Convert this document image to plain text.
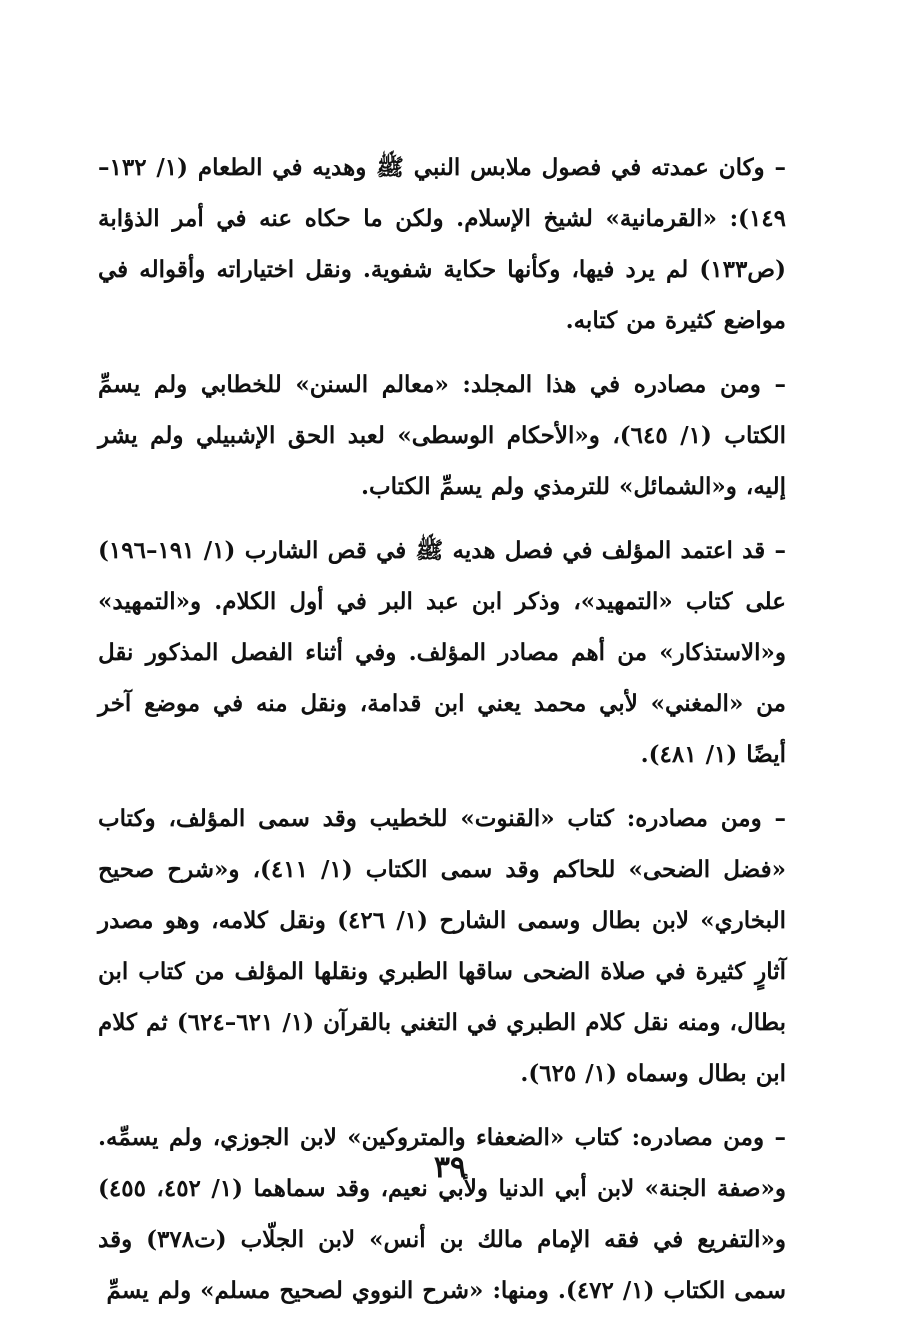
– وكان عمدته في فصول ملابس النبي ﷺ وهديه في الطعام (١/ ١٣٢–١٤٩): «القرمانية» لشيخ الإسلام. ولكن ما حكاه عنه في أمر الذؤابة (ص١٣٣) لم يرد فيها، وكأنها حكاية شفوية. ونقل اختياراته وأقواله في مواضع كثيرة من كتابه.

– ومن مصادره في هذا المجلد: «معالم السنن» للخطابي ولم يسمِّ الكتاب (١/ ٦٤٥)، و«الأحكام الوسطى» لعبد الحق الإشبيلي ولم يشر إليه، و«الشمائل» للترمذي ولم يسمِّ الكتاب.

– قد اعتمد المؤلف في فصل هديه ﷺ في قص الشارب (١/ ١٩١–١٩٦) على كتاب «التمهيد»، وذكر ابن عبد البر في أول الكلام. و«التمهيد» و«الاستذكار» من أهم مصادر المؤلف. وفي أثناء الفصل المذكور نقل من «المغني» لأبي محمد يعني ابن قدامة، ونقل منه في موضع آخر أيضًا (١/ ٤٨١).

– ومن مصادره: كتاب «القنوت» للخطيب وقد سمى المؤلف، وكتاب «فضل الضحى» للحاكم وقد سمى الكتاب (١/ ٤١١)، و«شرح صحيح البخاري» لابن بطال وسمى الشارح (١/ ٤٢٦) ونقل كلامه، وهو مصدر آثارٍ كثيرة في صلاة الضحى ساقها الطبري ونقلها المؤلف من كتاب ابن بطال، ومنه نقل كلام الطبري في التغني بالقرآن (١/ ٦٢١–٦٢٤) ثم كلام ابن بطال وسماه (١/ ٦٢٥).

– ومن مصادره: كتاب «الضعفاء والمتروكين» لابن الجوزي، ولم يسمِّه. و«صفة الجنة» لابن أبي الدنيا ولأبي نعيم، وقد سماهما (١/ ٤٥٢، ٤٥٥) و«التفريع في فقه الإمام مالك بن أنس» لابن الجلّاب (ت٣٧٨) وقد سمى الكتاب (١/ ٤٧٢). ومنها: «شرح النووي لصحيح مسلم» ولم يسمِّ

٣٩
